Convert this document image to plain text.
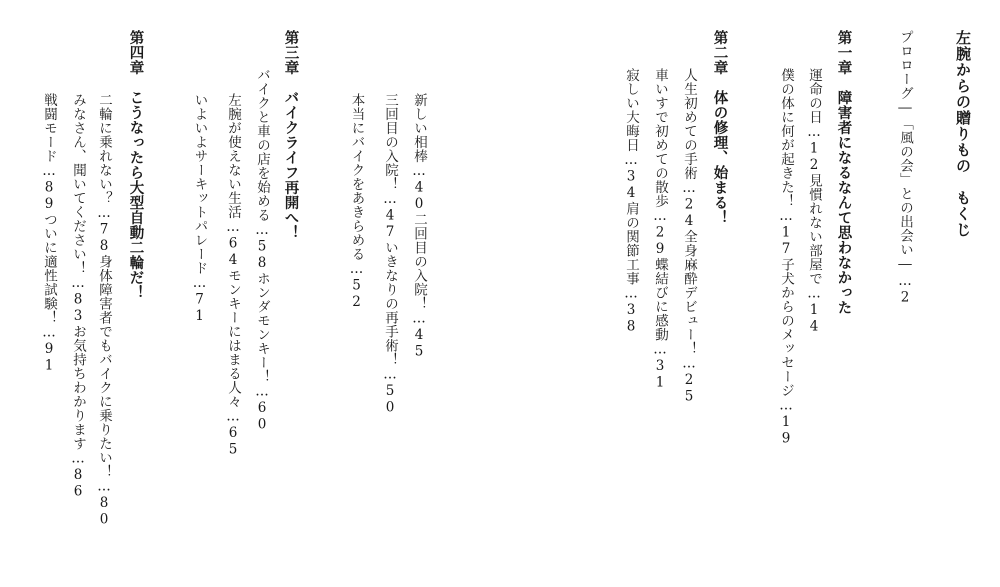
左腕からの贈りもの　もくじ
プロローグ―「風の会」との出会い―…2
第一章　障害者になるなんて思わなかった
運命の日…12見慣れない部屋で…14
僕の体に何が起きた！…17子犬からのメッセージ…19
第二章　体の修理、始まる！
人生初めての手術…24全身麻酔デビュー！…25
車いすで初めての散歩…29蝶結びに感動…31
寂しい大晦日…34肩の関節工事…38
第三章　バイクライフ再開へ！	新しい相棒…40二回目の入院！…45
三回目の入院！…47いきなりの再手術！…50
本当にバイクをあきらめる…52
バイクと車の店を始める…58ホンダモンキー！…60
左腕が使えない生活…64モンキーにはまる人々…65
いよいよサーキットパレード…71
第四章　こうなったら大型自動二輪だ！
二輪に乗れない？…78身体障害者でもバイクに乗りたい！…80
みなさん、聞いてください！…83お気持ちわかります…86
戦闘モード…89ついに適性試験！…91
